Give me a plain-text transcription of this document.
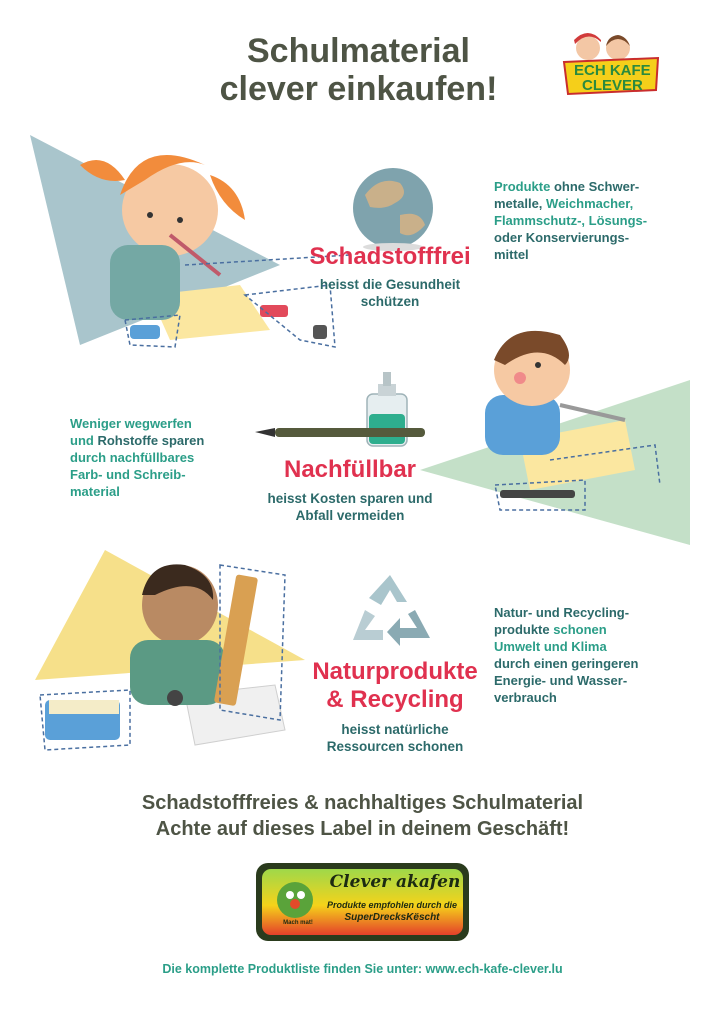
Schulmaterial
clever einkaufen!	ECH KAFE
CLEVER
Schadstofffrei
heisst die Gesundheit
schützen
Produkte ohne Schwer-
metalle, Weichmacher,
Flammschutz-, Lösungs-
oder Konservierungs-
mittel
Weniger wegwerfen
und Rohstoffe sparen
durch nachfüllbares
Farb- und Schreib-
material
Nachfüllbar
heisst Kosten sparen und
Abfall vermeiden
Natur- und Recycling-
produkte schonen
Umwelt und Klima
durch einen geringeren
Energie- und Wasser-
verbrauch
Naturprodukte
& Recycling
heisst natürliche
Ressourcen schonen
Schadstofffreies & nachhaltiges Schulmaterial
Achte auf dieses Label in deinem Geschäft!
Clever akafen
Produkte empfohlen durch die
SuperDrecksKëscht
Mach mat!
Die komplette Produktliste finden Sie unter: www.ech-kafe-clever.lu
